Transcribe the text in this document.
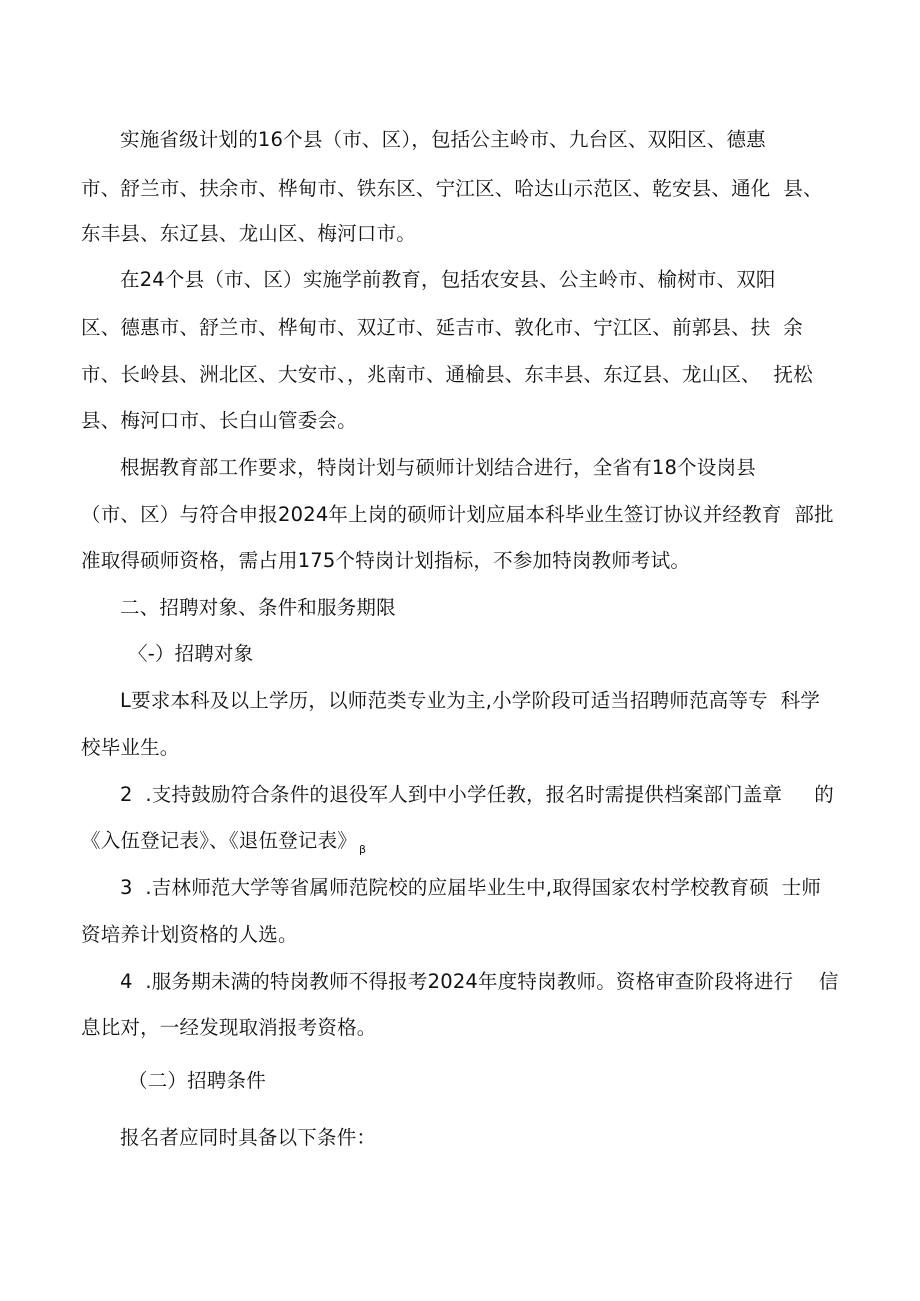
实施省级计划的16个县（市、区），包括公主岭市、九台区、双阳区、德惠

市、舒兰市、扶余市、桦甸市、铁东区、宁江区、哈达山示范区、乾安县、通化  县、

东丰县、东辽县、龙山区、梅河口市。

在24个县（市、区）实施学前教育，包括农安县、公主岭市、榆树市、双阳

区、德惠市、舒兰市、桦甸市、双辽市、延吉市、敦化市、宁江区、前郭县、扶  余

市、长岭县、洲北区、大安市、，兆南市、通榆县、东丰县、东辽县、龙山区、  抚松

县、梅河口市、长白山管委会。

根据教育部工作要求，特岗计划与硕师计划结合进行，全省有18个设岗县

（市、区）与符合申报2024年上岗的硕师计划应届本科毕业生签订协议并经教育  部批

准取得硕师资格，需占用175个特岗计划指标，不参加特岗教师考试。

二、招聘对象、条件和服务期限

〈-）招聘对象

L要求本科及以上学历，以师范类专业为主,小学阶段可适当招聘师范高等专  科学

校毕业生。

2  .支持鼓励符合条件的退役军人到中小学任教，报名时需提供档案部门盖章     的

《入伍登记表》、《退伍登记表》 $_\beta$

3  .吉林师范大学等省属师范院校的应届毕业生中,取得国家农村学校教育硕  士师

资培养计划资格的人选。

4  .服务期未满的特岗教师不得报考2024年度特岗教师。资格审查阶段将进行    信

息比对，一经发现取消报考资格。

（二）招聘条件

报名者应同时具备以下条件：
